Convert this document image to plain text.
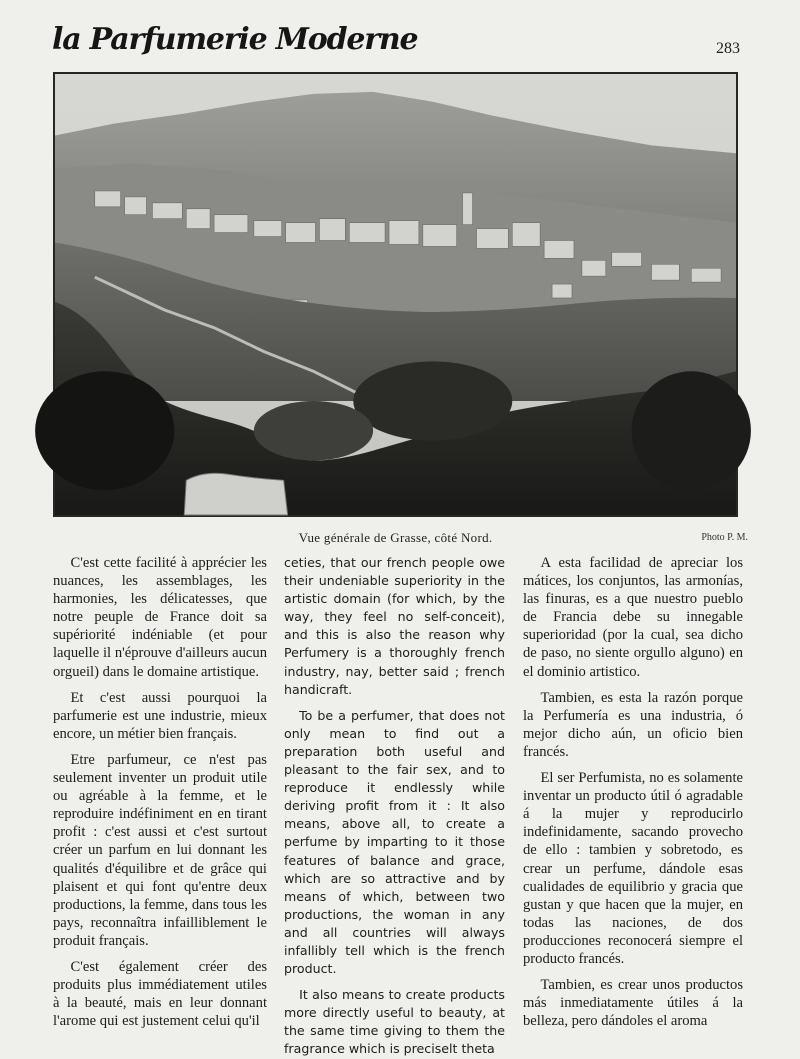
la Parfumerie Moderne	283
Vue générale de Grasse, côté Nord.	Photo P. M.

C'est cette facilité à apprécier les nuances, les assemblages, les harmonies, les délicatesses, que notre peuple de France doit sa supériorité indéniable (et pour laquelle il n'éprouve d'ailleurs aucun orgueil) dans le domaine artistique.

Et c'est aussi pourquoi la parfumerie est une industrie, mieux encore, un métier bien français.

Etre parfumeur, ce n'est pas seulement inventer un produit utile ou agréable à la femme, et le reproduire indéfiniment en en tirant profit : c'est aussi et c'est surtout créer un parfum en lui donnant les qualités d'équilibre et de grâce qui plaisent et qui font qu'entre deux productions, la femme, dans tous les pays, reconnaîtra infailliblement le produit français.

C'est également créer des produits plus immédiatement utiles à la beauté, mais en leur donnant l'arome qui est justement celui qu'il

ceties, that our french people owe their undeniable superiority in the artistic domain (for which, by the way, they feel no self-conceit), and this is also the reason why Perfumery is a thoroughly french industry, nay, better said ; french handicraft.

To be a perfumer, that does not only mean to find out a preparation both useful and pleasant to the fair sex, and to reproduce it endlessly while deriving profit from it : It also means, above all, to create a perfume by imparting to it those features of balance and grace, which are so attractive and by means of which, between two productions, the woman in any and all countries will always infallibly tell which is the french product.

It also means to create products more directly useful to beauty, at the same time giving to them the fragrance which is preciselt theta

A esta facilidad de apreciar los mátices, los conjuntos, las armonías, las finuras, es a que nuestro pueblo de Francia debe su innegable superioridad (por la cual, sea dicho de paso, no siente orgullo alguno) en el dominio artistico.

Tambien, es esta la razón porque la Perfumería es una industria, ó mejor dicho aún, un oficio bien francés.

El ser Perfumista, no es solamente inventar un producto útil ó agradable á la mujer y reproducirlo indefinidamente, sacando provecho de ello : tambien y sobretodo, es crear un perfume, dándole esas cualidades de equilibrio y gracia que gustan y que hacen que la mujer, en todas las naciones, de dos producciones reconocerá siempre el producto francés.

Tambien, es crear unos productos más inmediatamente útiles á la belleza, pero dándoles el aroma
